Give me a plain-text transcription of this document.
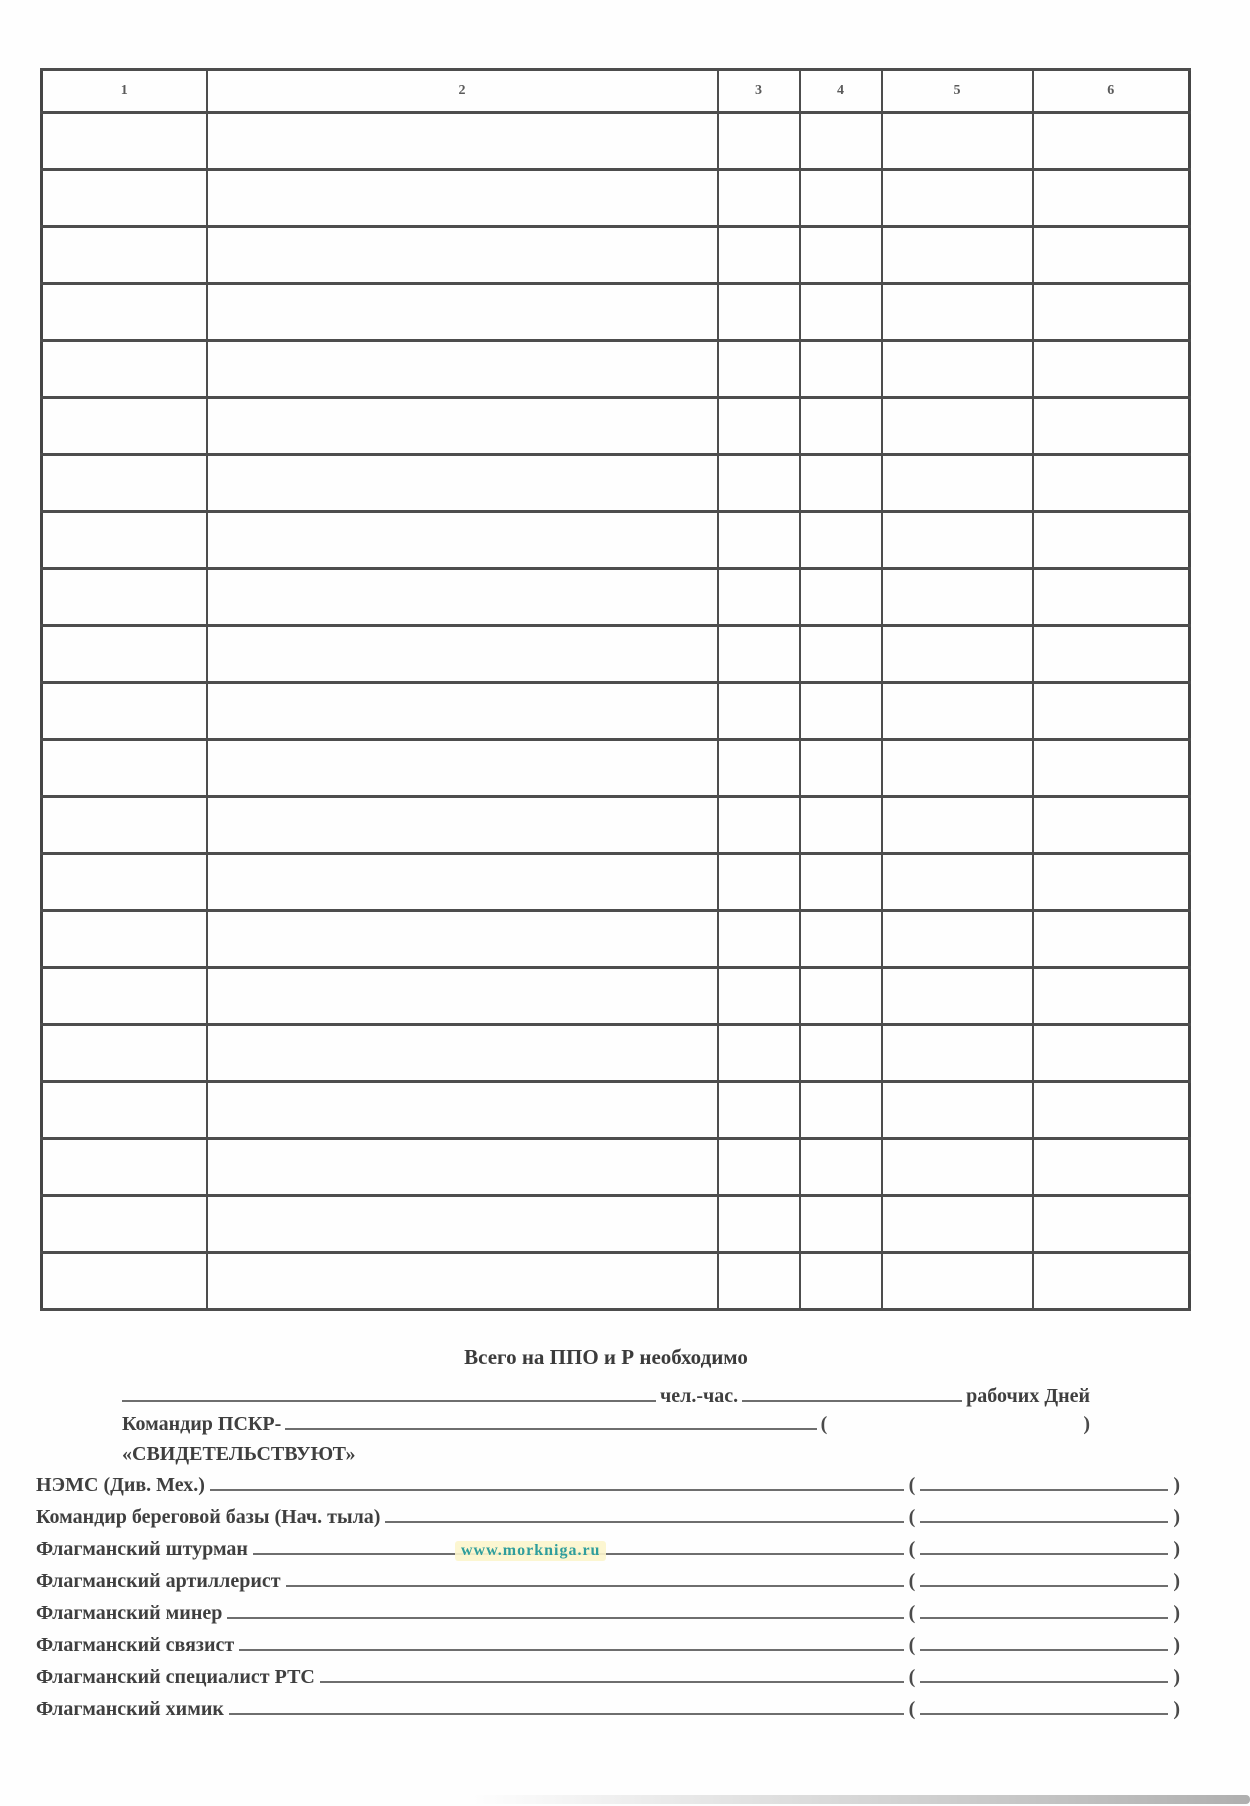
1	2	3	4	5	6

Всего на ППО и Р необходимо
чел.-час.	рабочих Дней
Командир ПСКР-	(	)
«СВИДЕТЕЛЬСТВУЮТ»
НЭМС (Див. Мех.)	(	)
Командир береговой базы (Нач. тыла)	(	)
Флагманский штурман	(	)
Флагманский артиллерист	(	)
Флагманский минер	(	)
Флагманский связист	(	)
Флагманский специалист РТС	(	)
Флагманский химик	(	)
www.morkniga.ru
